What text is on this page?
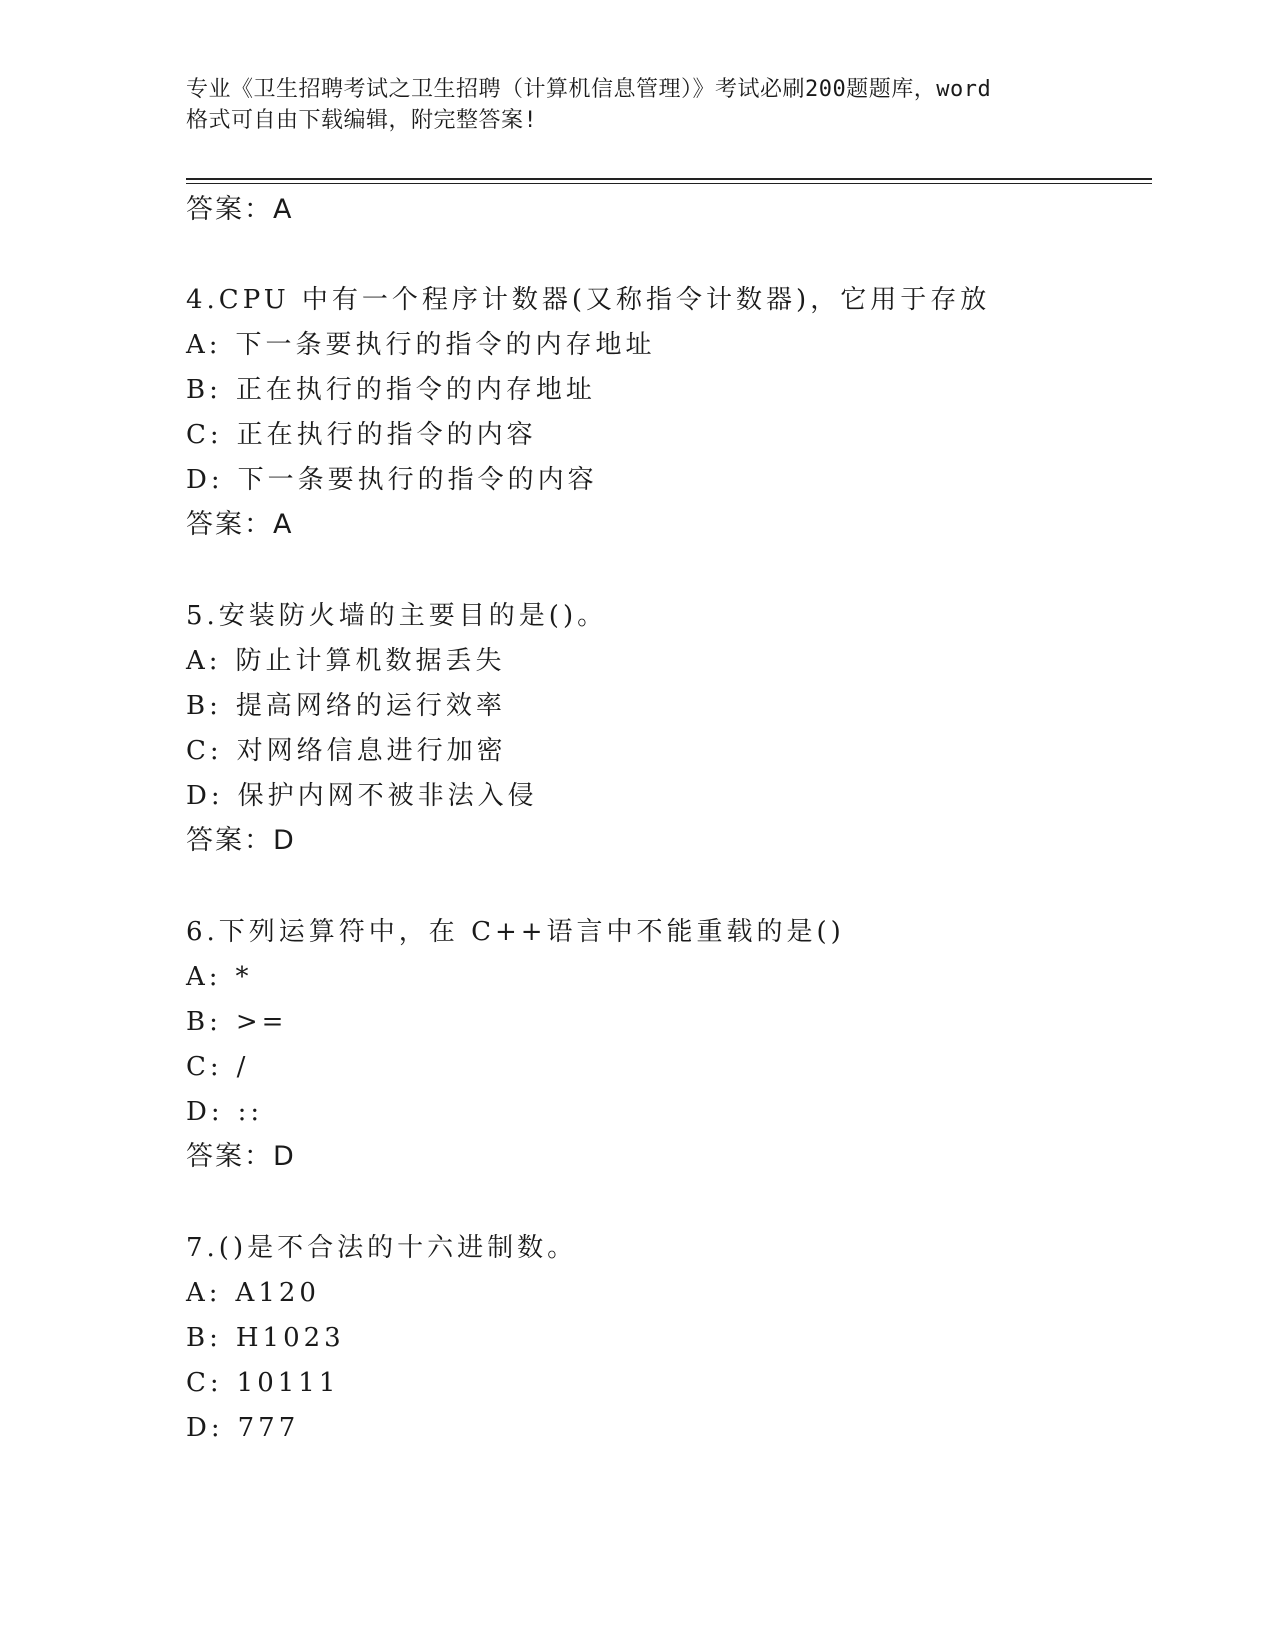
专业《卫生招聘考试之卫生招聘（计算机信息管理）》考试必刷200题题库，word
格式可自由下载编辑，附完整答案!
答案：A
4.CPU 中有一个程序计数器(又称指令计数器)，它用于存放
A: 下一条要执行的指令的内存地址
B: 正在执行的指令的内存地址
C: 正在执行的指令的内容
D: 下一条要执行的指令的内容
答案：A
5.安装防火墙的主要目的是()。
A: 防止计算机数据丢失
B: 提高网络的运行效率
C: 对网络信息进行加密
D: 保护内网不被非法入侵
答案：D
6.下列运算符中，在 C++语言中不能重载的是()
A: *
B: >=
C: /
D: ::
答案：D
7.()是不合法的十六进制数。
A: A120
B: H1023
C: 10111
D: 777
